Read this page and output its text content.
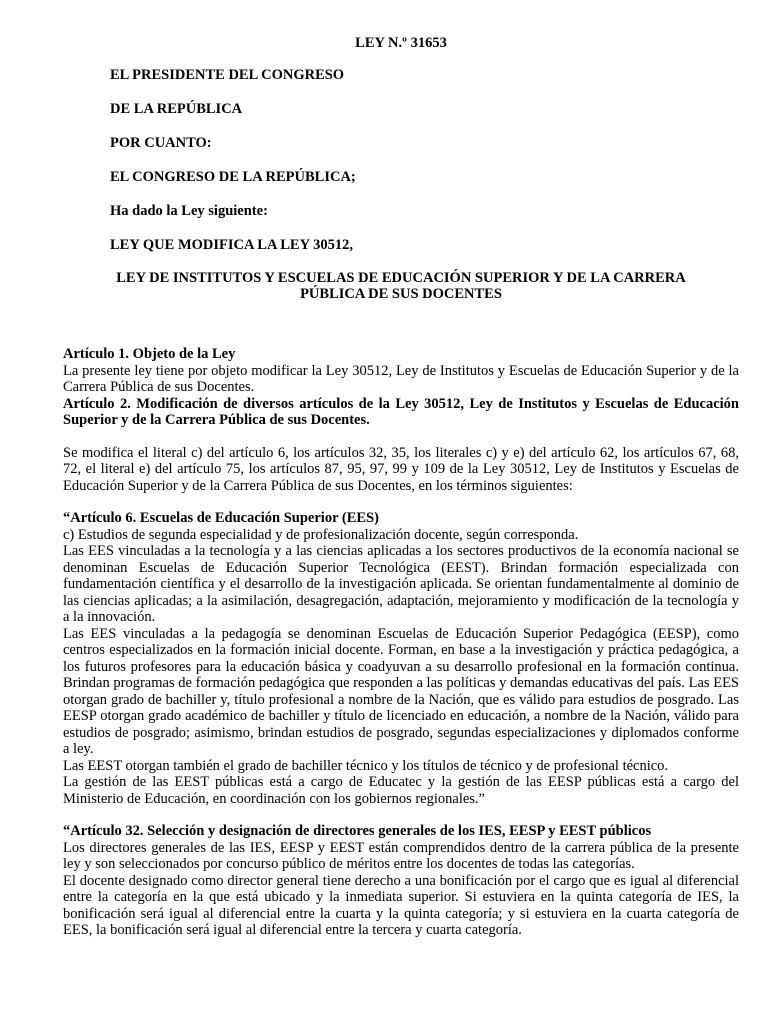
LEY N.º 31653
EL PRESIDENTE DEL CONGRESO
DE LA REPÚBLICA
POR CUANTO:
EL CONGRESO DE LA REPÚBLICA;
Ha dado la Ley siguiente:
LEY QUE MODIFICA LA LEY 30512,
LEY DE INSTITUTOS Y ESCUELAS DE EDUCACIÓN SUPERIOR Y DE LA CARRERA
PÚBLICA DE SUS DOCENTES

Artículo 1. Objeto de la Ley

La presente ley tiene por objeto modificar la Ley 30512, Ley de Institutos y Escuelas de Educación Superior y de la Carrera Pública de sus Docentes.

Artículo 2. Modificación de diversos artículos de la Ley 30512, Ley de Institutos y Escuelas de Educación Superior y de la Carrera Pública de sus Docentes.

Se modifica el literal c) del artículo 6, los artículos 32, 35, los literales c) y e) del artículo 62, los artículos 67, 68, 72, el literal e) del artículo 75, los artículos 87, 95, 97, 99 y 109 de la Ley 30512, Ley de Institutos y Escuelas de Educación Superior y de la Carrera Pública de sus Docentes, en los términos siguientes:

“Artículo 6. Escuelas de Educación Superior (EES)

c) Estudios de segunda especialidad y de profesionalización docente, según corresponda.

Las EES vinculadas a la tecnología y a las ciencias aplicadas a los sectores productivos de la economía nacional se denominan Escuelas de Educación Superior Tecnológica (EEST). Brindan formación especializada con fundamentación científica y el desarrollo de la investigación aplicada. Se orientan fundamentalmente al dominio de las ciencias aplicadas; a la asimilación, desagregación, adaptación, mejoramiento y modificación de la tecnología y a la innovación.

Las EES vinculadas a la pedagogía se denominan Escuelas de Educación Superior Pedagógica (EESP), como centros especializados en la formación inicial docente. Forman, en base a la investigación y práctica pedagógica, a los futuros profesores para la educación básica y coadyuvan a su desarrollo profesional en la formación continua. Brindan programas de formación pedagógica que responden a las políticas y demandas educativas del país. Las EES otorgan grado de bachiller y, título profesional a nombre de la Nación, que es válido para estudios de posgrado. Las EESP otorgan grado académico de bachiller y título de licenciado en educación, a nombre de la Nación, válido para estudios de posgrado; asimismo, brindan estudios de posgrado, segundas especializaciones y diplomados conforme a ley.

Las EEST otorgan también el grado de bachiller técnico y los títulos de técnico y de profesional técnico.

La gestión de las EEST públicas está a cargo de Educatec y la gestión de las EESP públicas está a cargo del Ministerio de Educación, en coordinación con los gobiernos regionales.”

“Artículo 32. Selección y designación de directores generales de los IES, EESP y EEST públicos

Los directores generales de las IES, EESP y EEST están comprendidos dentro de la carrera pública de la presente ley y son seleccionados por concurso público de méritos entre los docentes de todas las categorías.

El docente designado como director general tiene derecho a una bonificación por el cargo que es igual al diferencial entre la categoría en la que está ubicado y la inmediata superior. Si estuviera en la quinta categoría de IES, la bonificación será igual al diferencial entre la cuarta y la quinta categoría; y si estuviera en la cuarta categoría de EES, la bonificación será igual al diferencial entre la tercera y cuarta categoría.
